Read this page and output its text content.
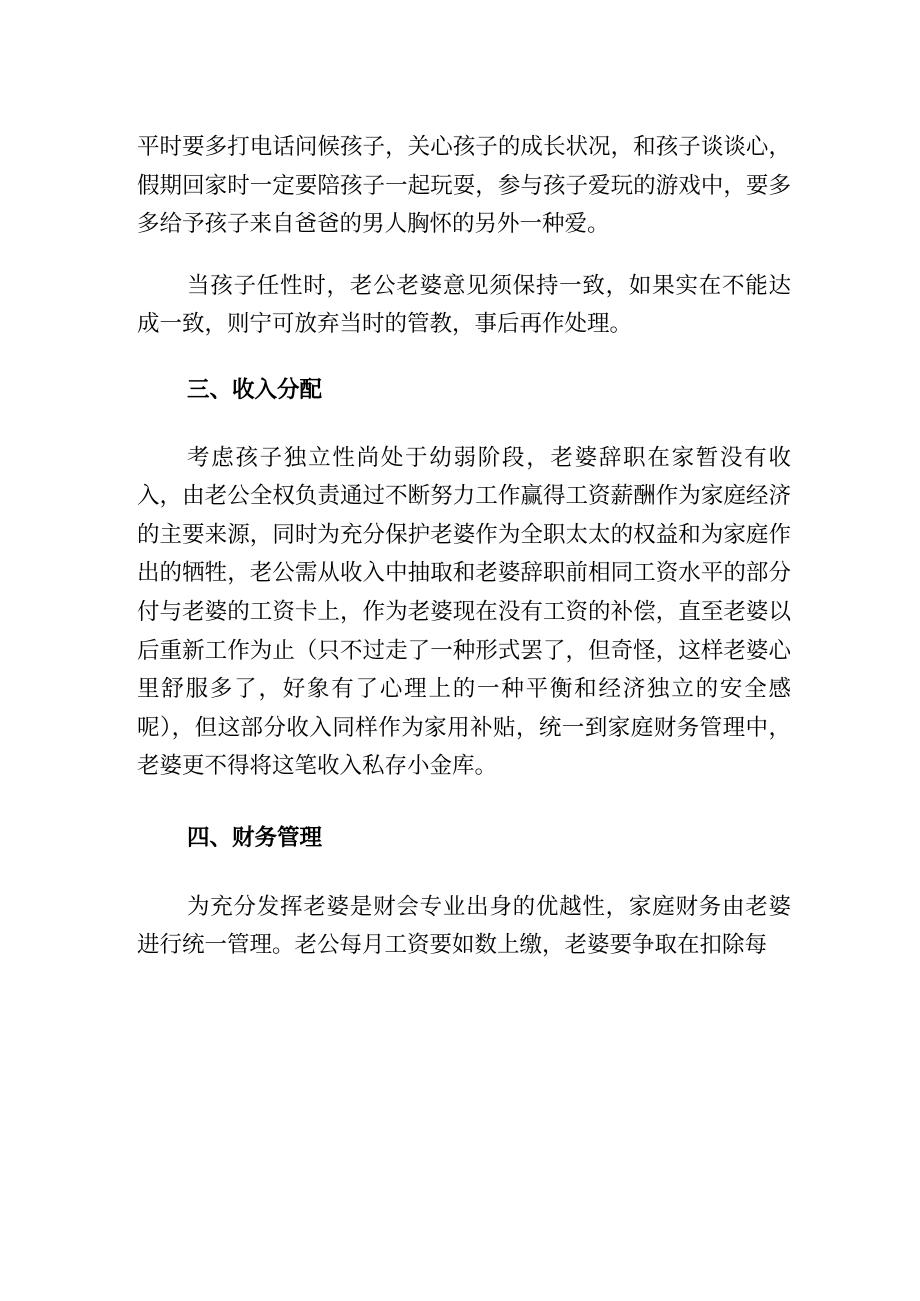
平时要多打电话问候孩子，关心孩子的成长状况，和孩子谈谈心，假期回家时一定要陪孩子一起玩耍，参与孩子爱玩的游戏中，要多多给予孩子来自爸爸的男人胸怀的另外一种爱。

当孩子任性时，老公老婆意见须保持一致，如果实在不能达成一致，则宁可放弃当时的管教，事后再作处理。

三、收入分配

考虑孩子独立性尚处于幼弱阶段，老婆辞职在家暂没有收入，由老公全权负责通过不断努力工作赢得工资薪酬作为家庭经济的主要来源，同时为充分保护老婆作为全职太太的权益和为家庭作出的牺牲，老公需从收入中抽取和老婆辞职前相同工资水平的部分付与老婆的工资卡上，作为老婆现在没有工资的补偿，直至老婆以后重新工作为止（只不过走了一种形式罢了，但奇怪，这样老婆心里舒服多了，好象有了心理上的一种平衡和经济独立的安全感呢），但这部分收入同样作为家用补贴，统一到家庭财务管理中，老婆更不得将这笔收入私存小金库。

四、财务管理

为充分发挥老婆是财会专业出身的优越性，家庭财务由老婆进行统一管理。老公每月工资要如数上缴，老婆要争取在扣除每
